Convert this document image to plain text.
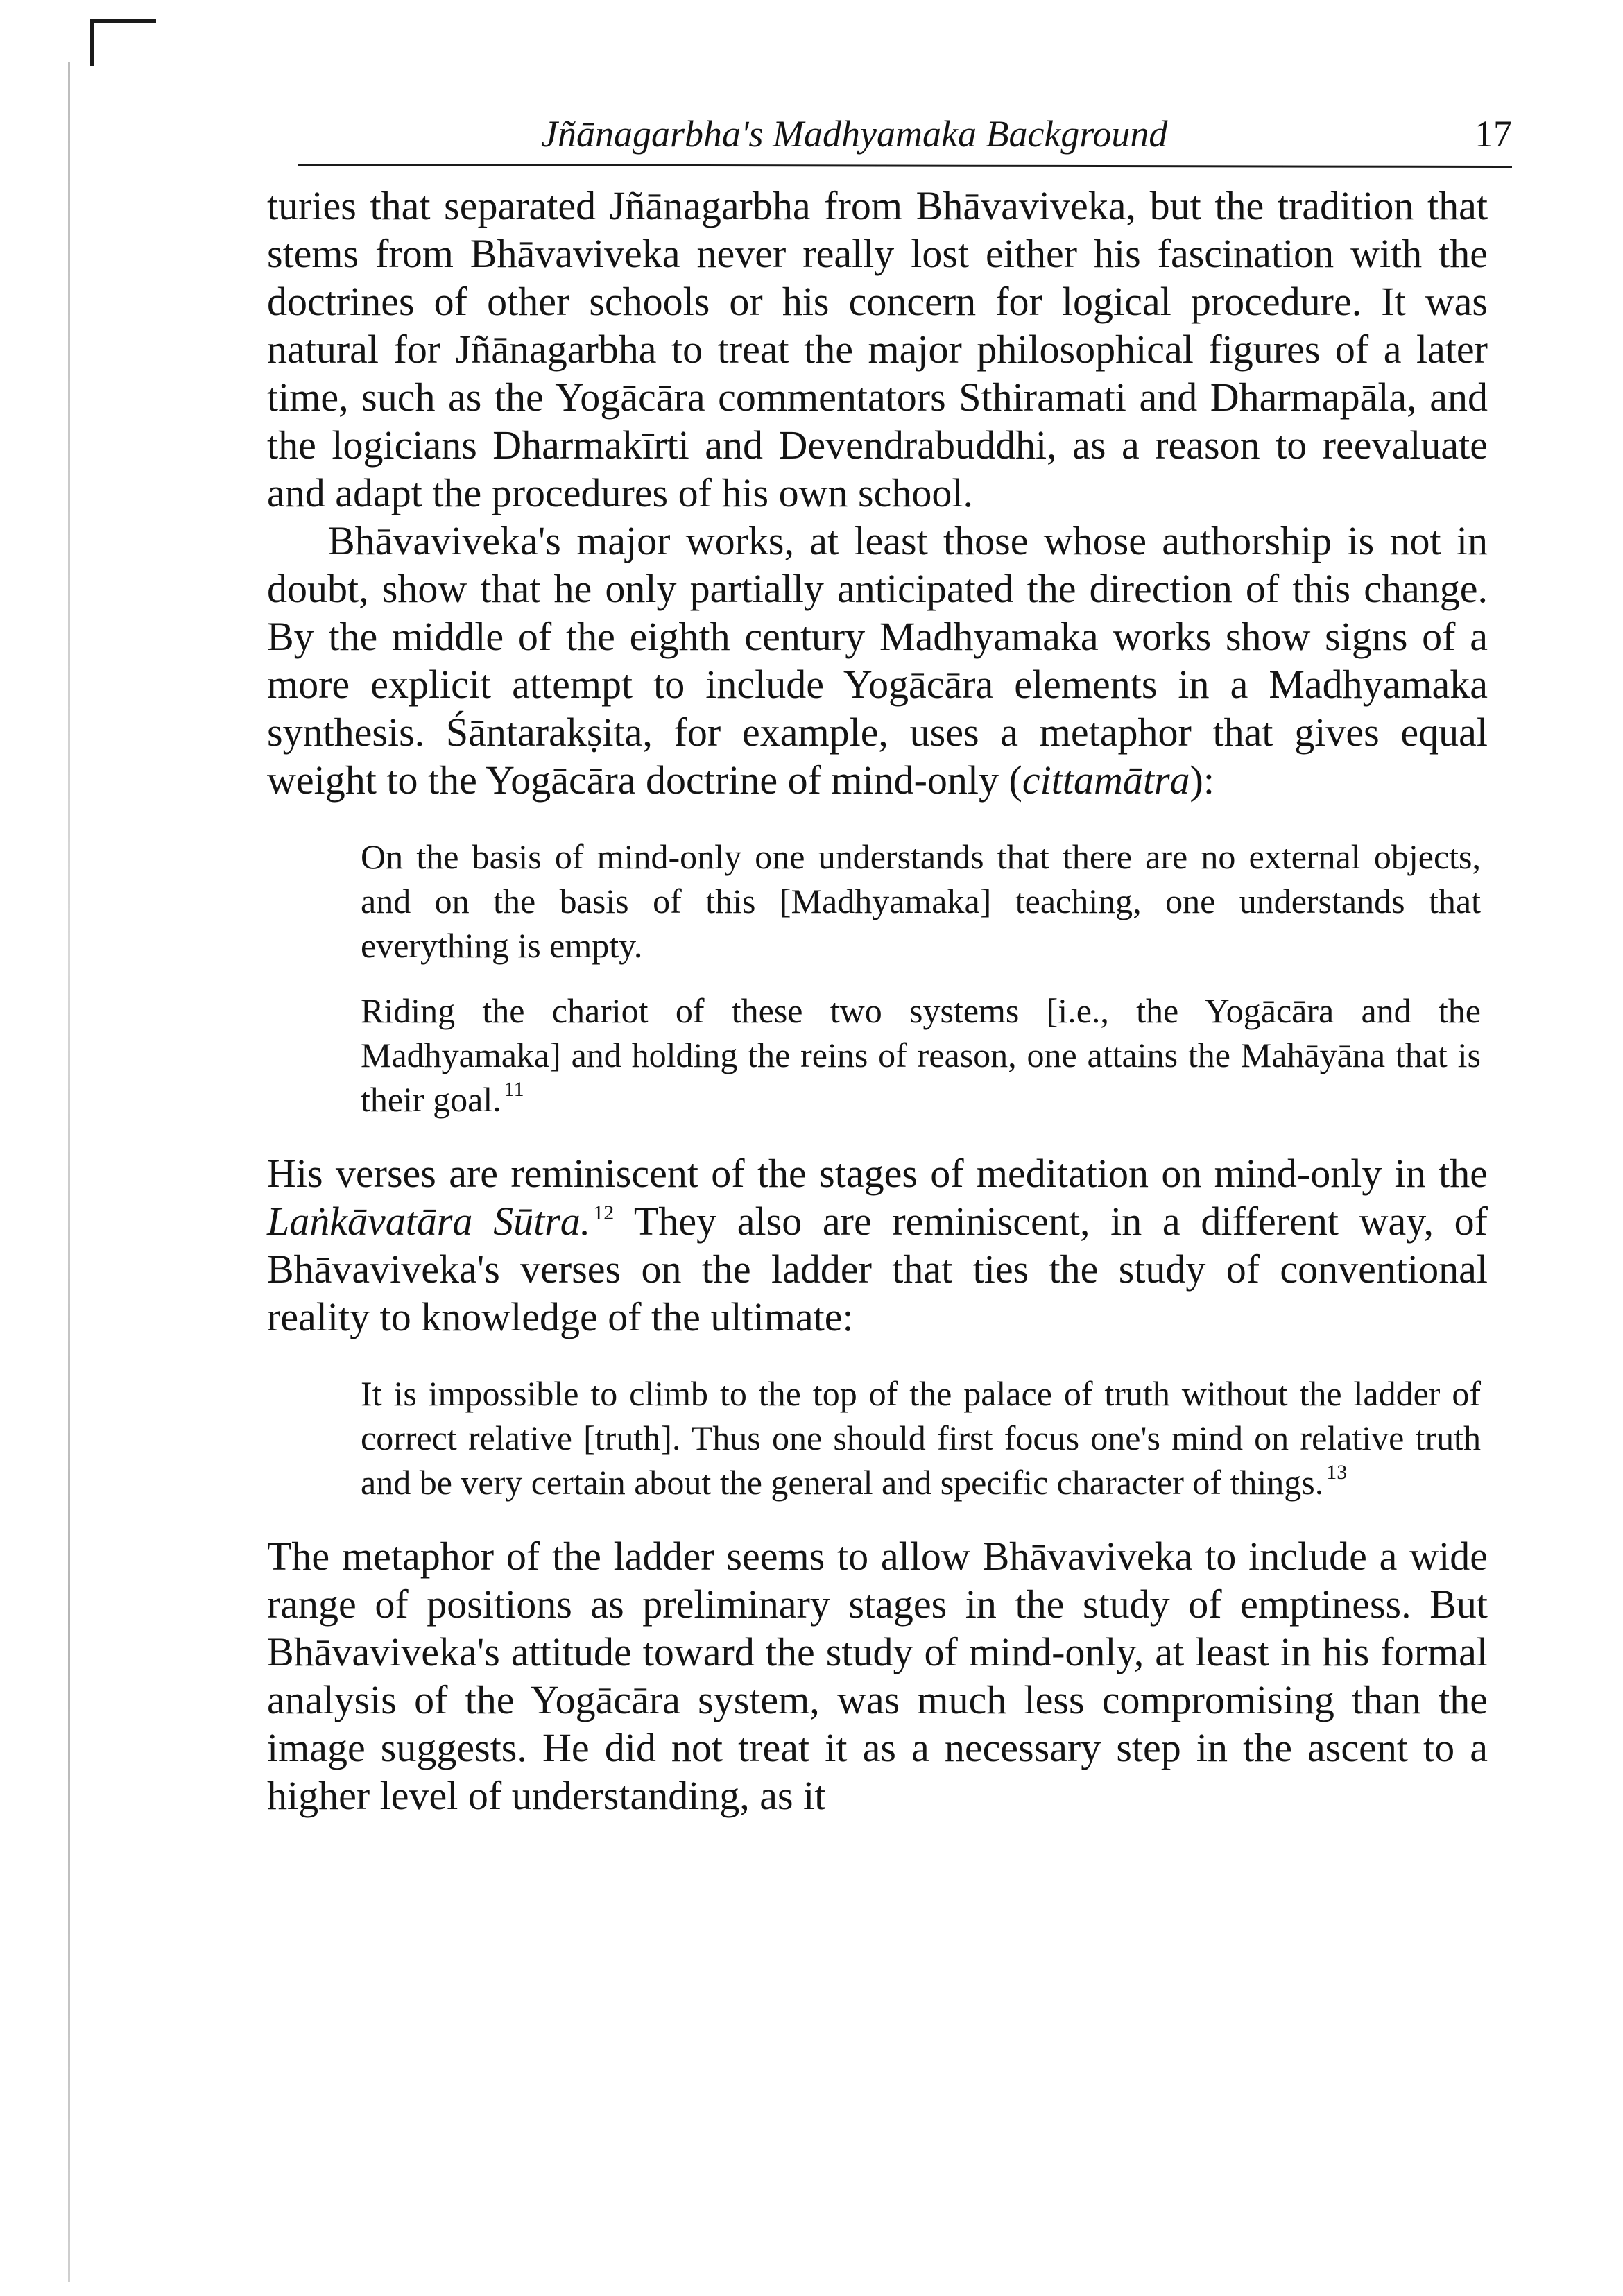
Jñānagarbha's Madhyamaka Background	17

turies that separated Jñānagarbha from Bhāvaviveka, but the tradition that stems from Bhāvaviveka never really lost either his fascination with the doctrines of other schools or his concern for logical procedure. It was natural for Jñānagarbha to treat the major philosophical figures of a later time, such as the Yogācāra commentators Sthiramati and Dharmapāla, and the logicians Dharmakīrti and Devendrabuddhi, as a reason to reevaluate and adapt the procedures of his own school.

Bhāvaviveka's major works, at least those whose authorship is not in doubt, show that he only partially anticipated the direction of this change. By the middle of the eighth century Madhyamaka works show signs of a more explicit attempt to include Yogācāra elements in a Madhyamaka synthesis. Śāntarakṣita, for example, uses a metaphor that gives equal weight to the Yogācāra doctrine of mind-only (cittamātra):

On the basis of mind-only one understands that there are no external objects, and on the basis of this [Madhyamaka] teaching, one understands that everything is empty.

Riding the chariot of these two systems [i.e., the Yogācāra and the Madhyamaka] and holding the reins of reason, one attains the Mahāyāna that is their goal. $^{11}$

His verses are reminiscent of the stages of meditation on mind-only in the Laṅkāvatāra Sūtra. $^{12}$ They also are reminiscent, in a different way, of Bhāvaviveka's verses on the ladder that ties the study of conventional reality to knowledge of the ultimate:

It is impossible to climb to the top of the palace of truth without the ladder of correct relative [truth]. Thus one should first focus one's mind on relative truth and be very certain about the general and specific character of things. $^{13}$

The metaphor of the ladder seems to allow Bhāvaviveka to include a wide range of positions as preliminary stages in the study of emptiness. But Bhāvaviveka's attitude toward the study of mind-only, at least in his formal analysis of the Yogācāra system, was much less compromising than the image suggests. He did not treat it as a necessary step in the ascent to a higher level of understanding, as it
